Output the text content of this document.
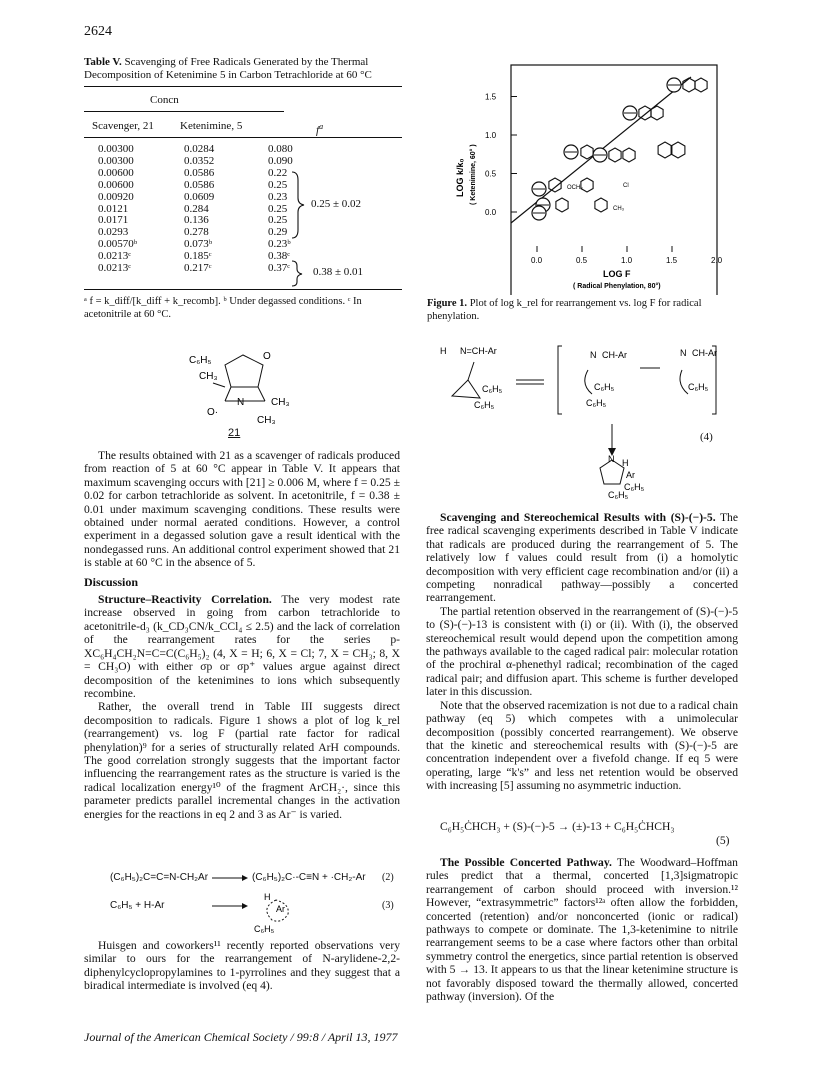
2624
Table V. Scavenging of Free Radicals Generated by the Thermal Decomposition of Ketenimine 5 in Carbon Tetrachloride at 60 °C
Concn
Scavenger, 21 Ketenimine, 5	$f^a$
0.00300	0.0284	0.080
0.00300	0.0352	0.090
0.00600	0.0586	0.22
0.00600	0.0586	0.25
0.00920	0.0609	0.23
0.0121	0.284	0.25
0.0171	0.136	0.25
0.0293	0.278	0.29
0.00570ᵇ	0.073ᵇ	0.23ᵇ
0.0213ᶜ	0.185ᶜ	0.38ᶜ
0.0213ᶜ	0.217ᶜ	0.37ᶜ
0.25 ± 0.02
0.38 ± 0.01
ᵃ f = k_diff/[k_diff + k_recomb]. ᵇ Under degassed conditions. ᶜ In acetonitrile at 60 °C.
1.5
1.0
0.5
0.0
0.0	0.5	1.0	1.5	2.0
LOG k/k₀ ( Ketenimine, 60° )
LOG F
( Radical Phenylation, 80°)
OCH₃	Cl
CH₃
Figure 1. Plot of log k_rel for rearrangement vs. log F for radical phenylation.
C₆H₅
CH₃
N
O·
CH₃
CH₃
O
21
H N=CH-Ar
C₆H₅
C₆H₅
N CH-Ar
C₆H₅
C₆H₅
N CH-Ar
C₆H₅
N H
Ar
C₆H₅
C₆H₅
(4)

The results obtained with 21 as a scavenger of radicals produced from reaction of 5 at 60 °C appear in Table V. It appears that maximum scavenging occurs with [21] ≥ 0.006 M, where f = 0.25 ± 0.02 for carbon tetrachloride as solvent. In acetonitrile, f = 0.38 ± 0.01 under maximum scavenging conditions. These results were obtained under normal aerated conditions. However, a control experiment in a degassed solution gave a result identical with the nondegassed runs. An additional control experiment showed that 21 is stable at 60 °C in the absence of 5.

Discussion

Structure–Reactivity Correlation. The very modest rate increase observed in going from carbon tetrachloride to acetonitrile-d₃ (k_CD₃CN/k_CCl₄ ≤ 2.5) and the lack of correlation of the rearrangement rates for the series p-XC₆H₄CH₂N=C=C(C₆H₅)₂ (4, X = H; 6, X = Cl; 7, X = CH₃; 8, X = CH₃O) with either σp or σp⁺ values argue against direct decomposition of the ketenimines to ions which subsequently recombine.

Rather, the overall trend in Table III suggests direct decomposition to radicals. Figure 1 shows a plot of log k_rel (rearrangement) vs. log F (partial rate factor for radical phenylation)⁹ for a series of structurally related ArH compounds. The good correlation strongly suggests that the important factor influencing the rearrangement rates as the structure is varied is the radical localization energy¹⁰ of the fragment ArCH₂·, since this parameter predicts parallel incremental changes in the activation energies for the reactions in eq 2 and 3 as Ar⁻ is varied.

(C₆H₅)₂C=C=N-CH₂Ar	(C₆H₅)₂C·-C≡N + ·CH₂-Ar (2)
C₆H₅ + H-Ar
H
Ar
C₆H₅
(3)

Huisgen and coworkers¹¹ recently reported observations very similar to ours for the rearrangement of N-arylidene-2,2-diphenylcyclopropylamines to 1-pyrrolines and they suggest that a biradical intermediate is involved (eq 4).

Scavenging and Stereochemical Results with (S)-(−)-5. The free radical scavenging experiments described in Table V indicate that radicals are produced during the rearrangement of 5. The relatively low f values could result from (i) a homolytic decomposition with very efficient cage recombination and/or (ii) a competing nonradical pathway—possibly a concerted rearrangement.

The partial retention observed in the rearrangement of (S)-(−)-5 to (S)-(−)-13 is consistent with (i) or (ii). With (i), the observed stereochemical result would depend upon the competition among the pathways available to the caged radical pair: molecular rotation of the prochiral α-phenethyl radical; recombination of the caged radical pair; and diffusion apart. This scheme is further developed later in this discussion.

Note that the observed racemization is not due to a radical chain pathway (eq 5) which competes with a unimolecular decomposition (possibly concerted rearrangement). We observe that the kinetic and stereochemical results with (S)-(−)-5 are concentration independent over a fivefold change. If eq 5 were operating, large “k's” and less net retention would be observed with increasing [5] assuming no asymmetric induction.

C₆H₅ĊHCH₃ + (S)-(−)-5 → (±)-13 + C₆H₅ĊHCH₃
(5)

The Possible Concerted Pathway. The Woodward–Hoffman rules predict that a thermal, concerted [1,3]sigmatropic rearrangement of carbon should proceed with inversion.¹² However, “extrasymmetric” factors¹²ᵃ often allow the forbidden, concerted (retention) and/or nonconcerted (ionic or radical) pathways to compete or dominate. The 1,3-ketenimine to nitrile rearrangement seems to be a case where factors other than orbital symmetry control the energetics, since partial retention is observed with 5 → 13. It appears to us that the linear ketenimine structure is not favorably disposed toward the thermally allowed, concerted pathway (inversion). Of the

Journal of the American Chemical Society / 99:8 / April 13, 1977
